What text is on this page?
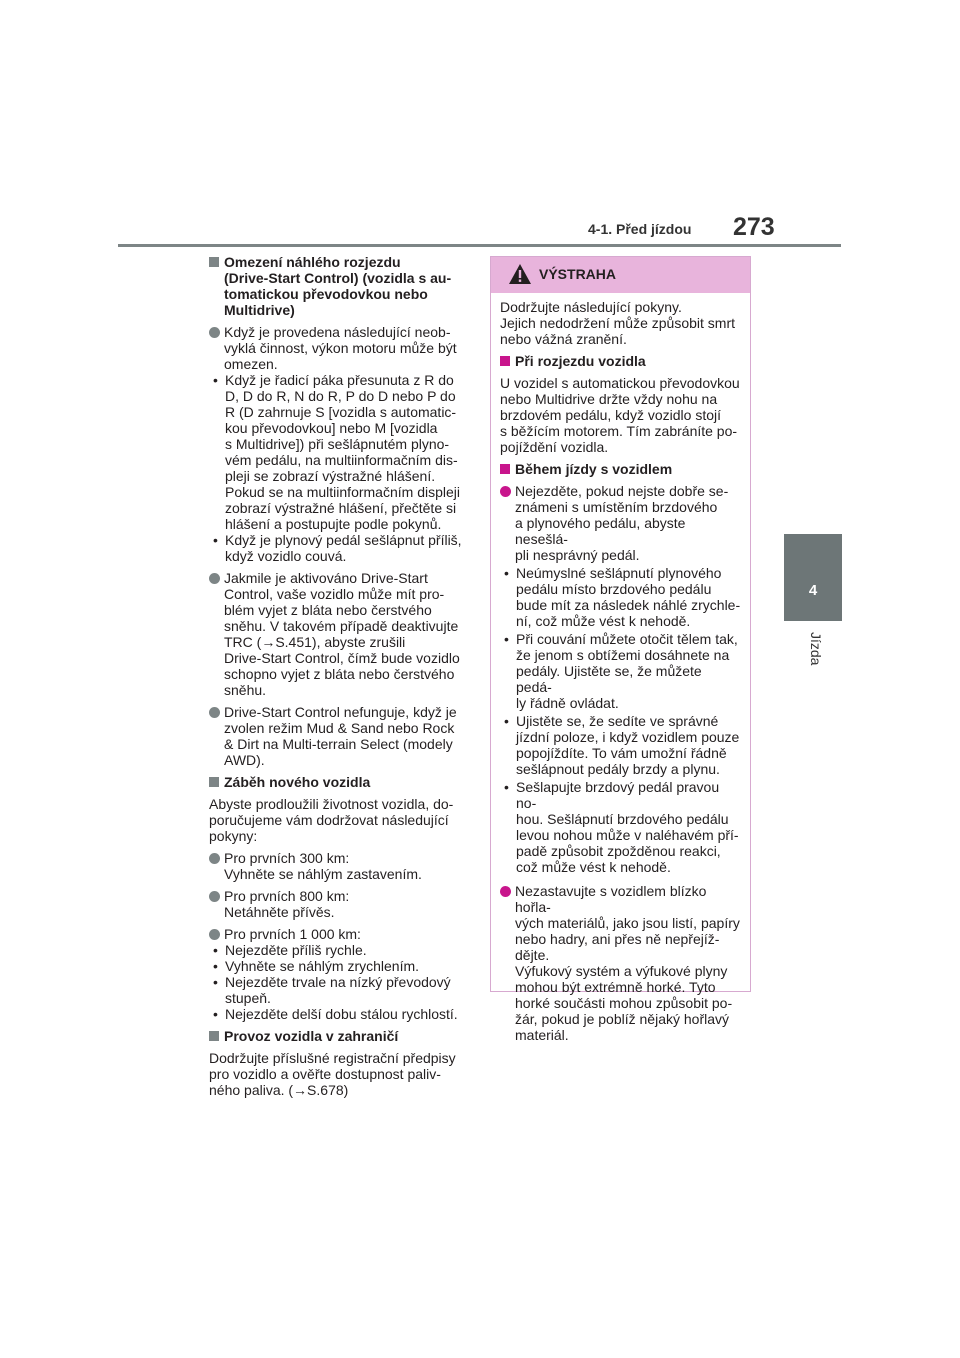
4-1. Před jízdou 273
4
Jízda
Omezení náhlého rozjezdu
(Drive-Start Control) (vozidla s au-
tomatickou převodovkou nebo
Multidrive)
Když je provedena následující neob-
vyklá činnost, výkon motoru může být
omezen.
• Když je řadicí páka přesunuta z R do
D, D do R, N do R, P do D nebo P do
R (D zahrnuje S [vozidla s automatic-
kou převodovkou] nebo M [vozidla
s Multidrive]) při sešlápnutém plyno-
vém pedálu, na multiinformačním dis-
pleji se zobrazí výstražné hlášení.
Pokud se na multiinformačním displeji
zobrazí výstražné hlášení, přečtěte si
hlášení a postupujte podle pokynů.
• Když je plynový pedál sešlápnut příliš,
když vozidlo couvá.
Jakmile je aktivováno Drive-Start
Control, vaše vozidlo může mít pro-
blém vyjet z bláta nebo čerstvého
sněhu. V takovém případě deaktivujte
TRC (→S.451), abyste zrušili
Drive-Start Control, čímž bude vozidlo
schopno vyjet z bláta nebo čerstvého
sněhu.
Drive-Start Control nefunguje, když je
zvolen režim Mud & Sand nebo Rock
& Dirt na Multi-terrain Select (modely
AWD).
Záběh nového vozidla
Abyste prodloužili životnost vozidla, do-
poručujeme vám dodržovat následující
pokyny:
Pro prvních 300 km:
Vyhněte se náhlým zastavením.
Pro prvních 800 km:
Netáhněte přívěs.
Pro prvních 1 000 km:
• Nejezděte příliš rychle.
• Vyhněte se náhlým zrychlením.
• Nejezděte trvale na nízký převodový
stupeň.
• Nejezděte delší dobu stálou rychlostí.
Provoz vozidla v zahraničí
Dodržujte příslušné registrační předpisy
pro vozidlo a ověřte dostupnost paliv-
ného paliva. (→S.678)
VÝSTRAHA
Dodržujte následující pokyny.
Jejich nedodržení může způsobit smrt
nebo vážná zranění.
Při rozjezdu vozidla
U vozidel s automatickou převodovkou
nebo Multidrive držte vždy nohu na
brzdovém pedálu, když vozidlo stojí
s běžícím motorem. Tím zabráníte po-
pojíždění vozidla.
Během jízdy s vozidlem
Nejezděte, pokud nejste dobře se-
známeni s umístěním brzdového
a plynového pedálu, abyste nesešlá-
pli nesprávný pedál.
• Neúmyslné sešlápnutí plynového
pedálu místo brzdového pedálu
bude mít za následek náhlé zrychle-
ní, což může vést k nehodě.
• Při couvání můžete otočit tělem tak,
že jenom s obtížemi dosáhnete na
pedály. Ujistěte se, že můžete pedá-
ly řádně ovládat.
• Ujistěte se, že sedíte ve správné
jízdní poloze, i když vozidlem pouze
popojíždíte. To vám umožní řádně
sešlápnout pedály brzdy a plynu.
• Sešlapujte brzdový pedál pravou no-
hou. Sešlápnutí brzdového pedálu
levou nohou může v naléhavém pří-
padě způsobit zpožděnou reakci,
což může vést k nehodě.
Nezastavujte s vozidlem blízko hořla-
vých materiálů, jako jsou listí, papíry
nebo hadry, ani přes ně nepřejíž-
dějte.
Výfukový systém a výfukové plyny
mohou být extrémně horké. Tyto
horké součásti mohou způsobit po-
žár, pokud je poblíž nějaký hořlavý
materiál.
